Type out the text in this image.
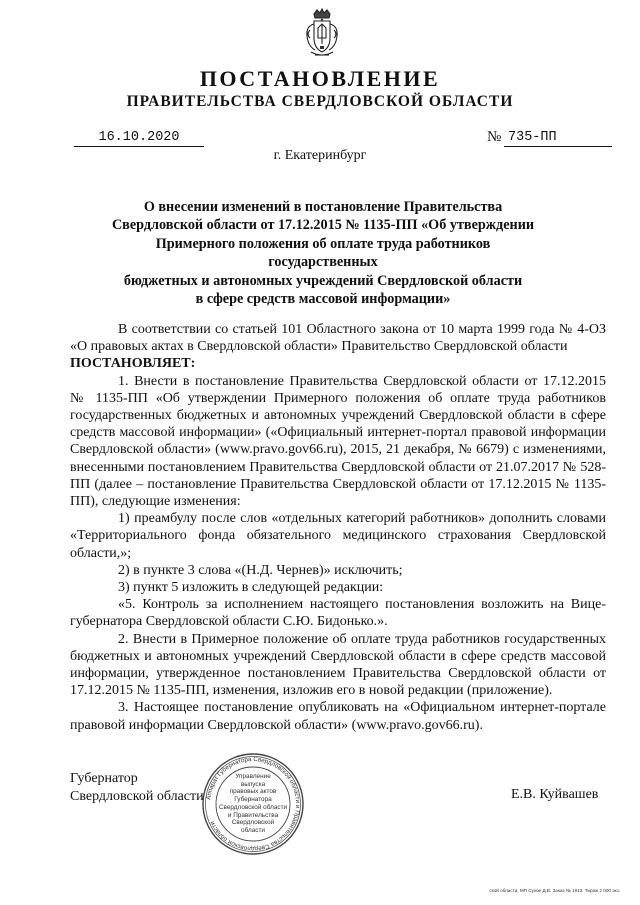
ПОСТАНОВЛЕНИЕ
ПРАВИТЕЛЬСТВА СВЕРДЛОВСКОЙ ОБЛАСТИ
16.10.2020	№ 735-ПП
г. Екатеринбург
О внесении изменений в постановление Правительства
Свердловской области от 17.12.2015 № 1135-ПП «Об утверждении
Примерного положения об оплате труда работников государственных
бюджетных и автономных учреждений Свердловской области
в сфере средств массовой информации»

В соответствии со статьей 101 Областного закона от 10 марта 1999 года № 4-ОЗ «О правовых актах в Свердловской области» Правительство Свердловской области

ПОСТАНОВЛЯЕТ:

1. Внести в постановление Правительства Свердловской области от 17.12.2015 № 1135-ПП «Об утверждении Примерного положения об оплате труда работников государственных бюджетных и автономных учреждений Свердловской области в сфере средств массовой информации» («Официальный интернет-портал правовой информации Свердловской области» (www.pravo.gov66.ru), 2015, 21 декабря, № 6679) с изменениями, внесенными постановлением Правительства Свердловской области от 21.07.2017 № 528-ПП (далее – постановление Правительства Свердловской области от 17.12.2015 № 1135-ПП), следующие изменения:

1) преамбулу после слов «отдельных категорий работников» дополнить словами «Территориального фонда обязательного медицинского страхования Свердловской области,»;

2) в пункте 3 слова «(Н.Д. Чернев)» исключить;

3) пункт 5 изложить в следующей редакции:

«5. Контроль за исполнением настоящего постановления возложить на Вице-губернатора Свердловской области С.Ю. Бидонько.».

2. Внести в Примерное положение об оплате труда работников государственных бюджетных и автономных учреждений Свердловской области в сфере средств массовой информации, утвержденное постановлением Правительства Свердловской области от 17.12.2015 № 1135-ПП, изменения, изложив его в новой редакции (приложение).

3. Настоящее постановление опубликовать на «Официальном интернет-портале правовой информации Свердловской области» (www.pravo.gov66.ru).

Губернатор
Свердловской области	Е.В. Куйвашев
Аппарат Губернатора Свердловской области и Правительства Свердловской области
Управление
выпуска
правовых актов
Губернатора
Свердловской области
и Правительства
Свердловской
области
ской области, МП Сухое Д.В. Заказ № 1913. Тираж 2 000 экз.
